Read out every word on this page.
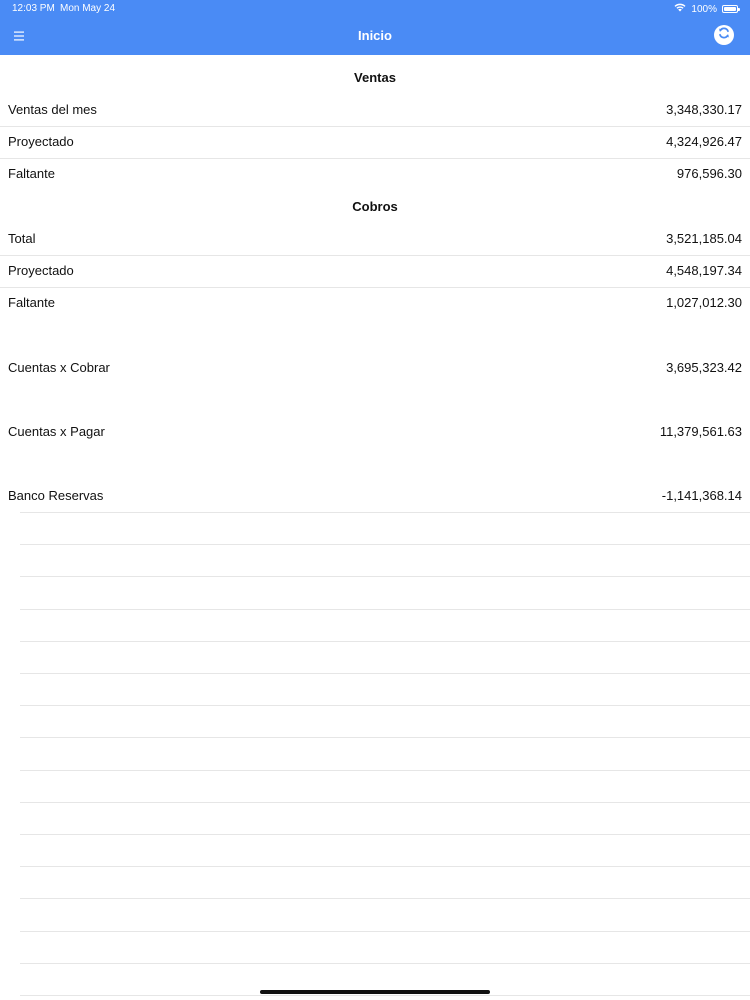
12:03 PM Mon May 24	100%
Inicio
Ventas
Ventas del mes	3,348,330.17
Proyectado	4,324,926.47
Faltante	976,596.30
Cobros
Total	3,521,185.04
Proyectado	4,548,197.34
Faltante	1,027,012.30
Cuentas x Cobrar	3,695,323.42
Cuentas x Pagar	11,379,561.63
Banco Reservas	-1,141,368.14
